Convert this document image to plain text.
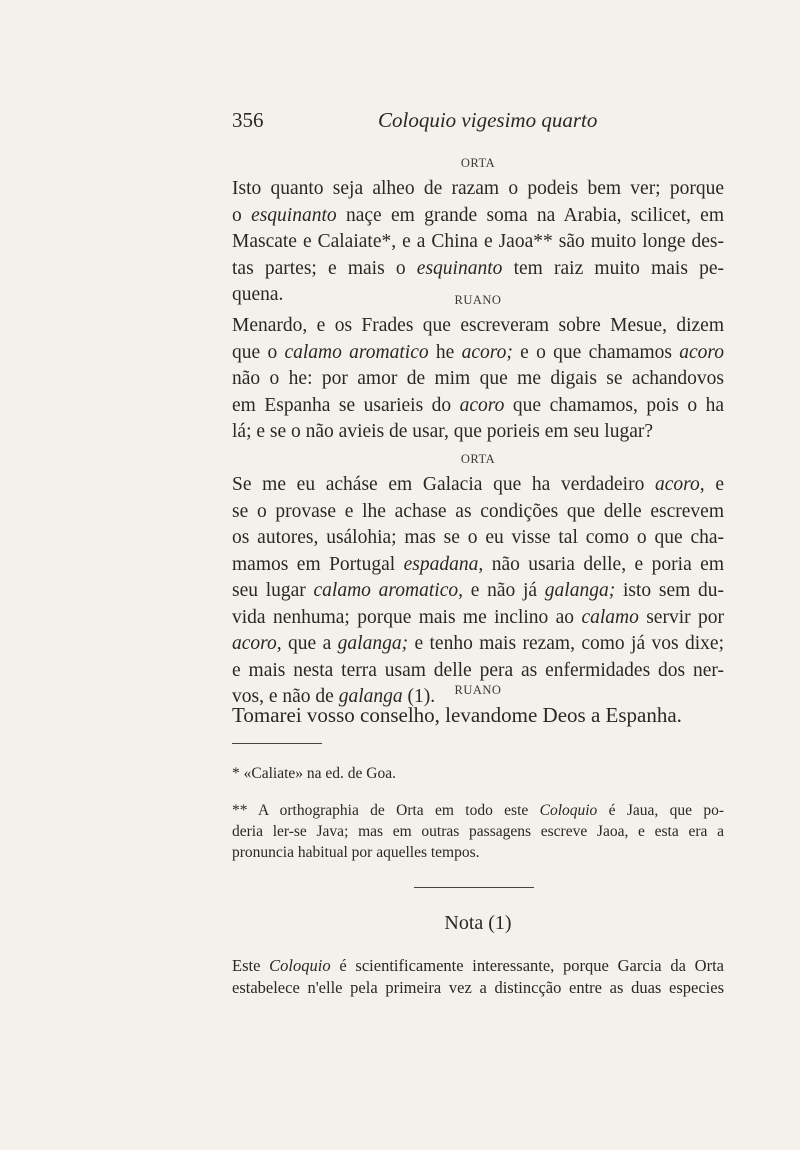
356	Coloquio vigesimo quarto
ORTA
Isto quanto seja alheo de razam o podeis bem ver; porque
o esquinanto naçe em grande soma na Arabia, scilicet, em
Mascate e Calaiate*, e a China e Jaoa** são muito longe des-
tas partes; e mais o esquinanto tem raiz muito mais pe-
quena.	RUANO
Menardo, e os Frades que escreveram sobre Mesue, dizem
que o calamo aromatico he acoro; e o que chamamos acoro
não o he: por amor de mim que me digais se achandovos
em Espanha se usarieis do acoro que chamamos, pois o ha
lá; e se o não avieis de usar, que porieis em seu lugar?
ORTA
Se me eu acháse em Galacia que ha verdadeiro acoro, e
se o provase e lhe achase as condições que delle escrevem
os autores, usálohia; mas se o eu visse tal como o que cha-
mamos em Portugal espadana, não usaria delle, e poria em
seu lugar calamo aromatico, e não já galanga; isto sem du-
vida nenhuma; porque mais me inclino ao calamo servir por
acoro, que a galanga; e tenho mais rezam, como já vos dixe;
e mais nesta terra usam delle pera as enfermidades dos ner-
vos, e não de galanga (1).	RUANO
Tomarei vosso conselho, levandome Deos a Espanha.
* «Caliate» na ed. de Goa.
** A orthographia de Orta em todo este Coloquio é Jaua, que po-
deria ler-se Java; mas em outras passagens escreve Jaoa, e esta era a
pronuncia habitual por aquelles tempos.
Nota (1)
Este Coloquio é scientificamente interessante, porque Garcia da Orta
estabelece n'elle pela primeira vez a distincção entre as duas especies
